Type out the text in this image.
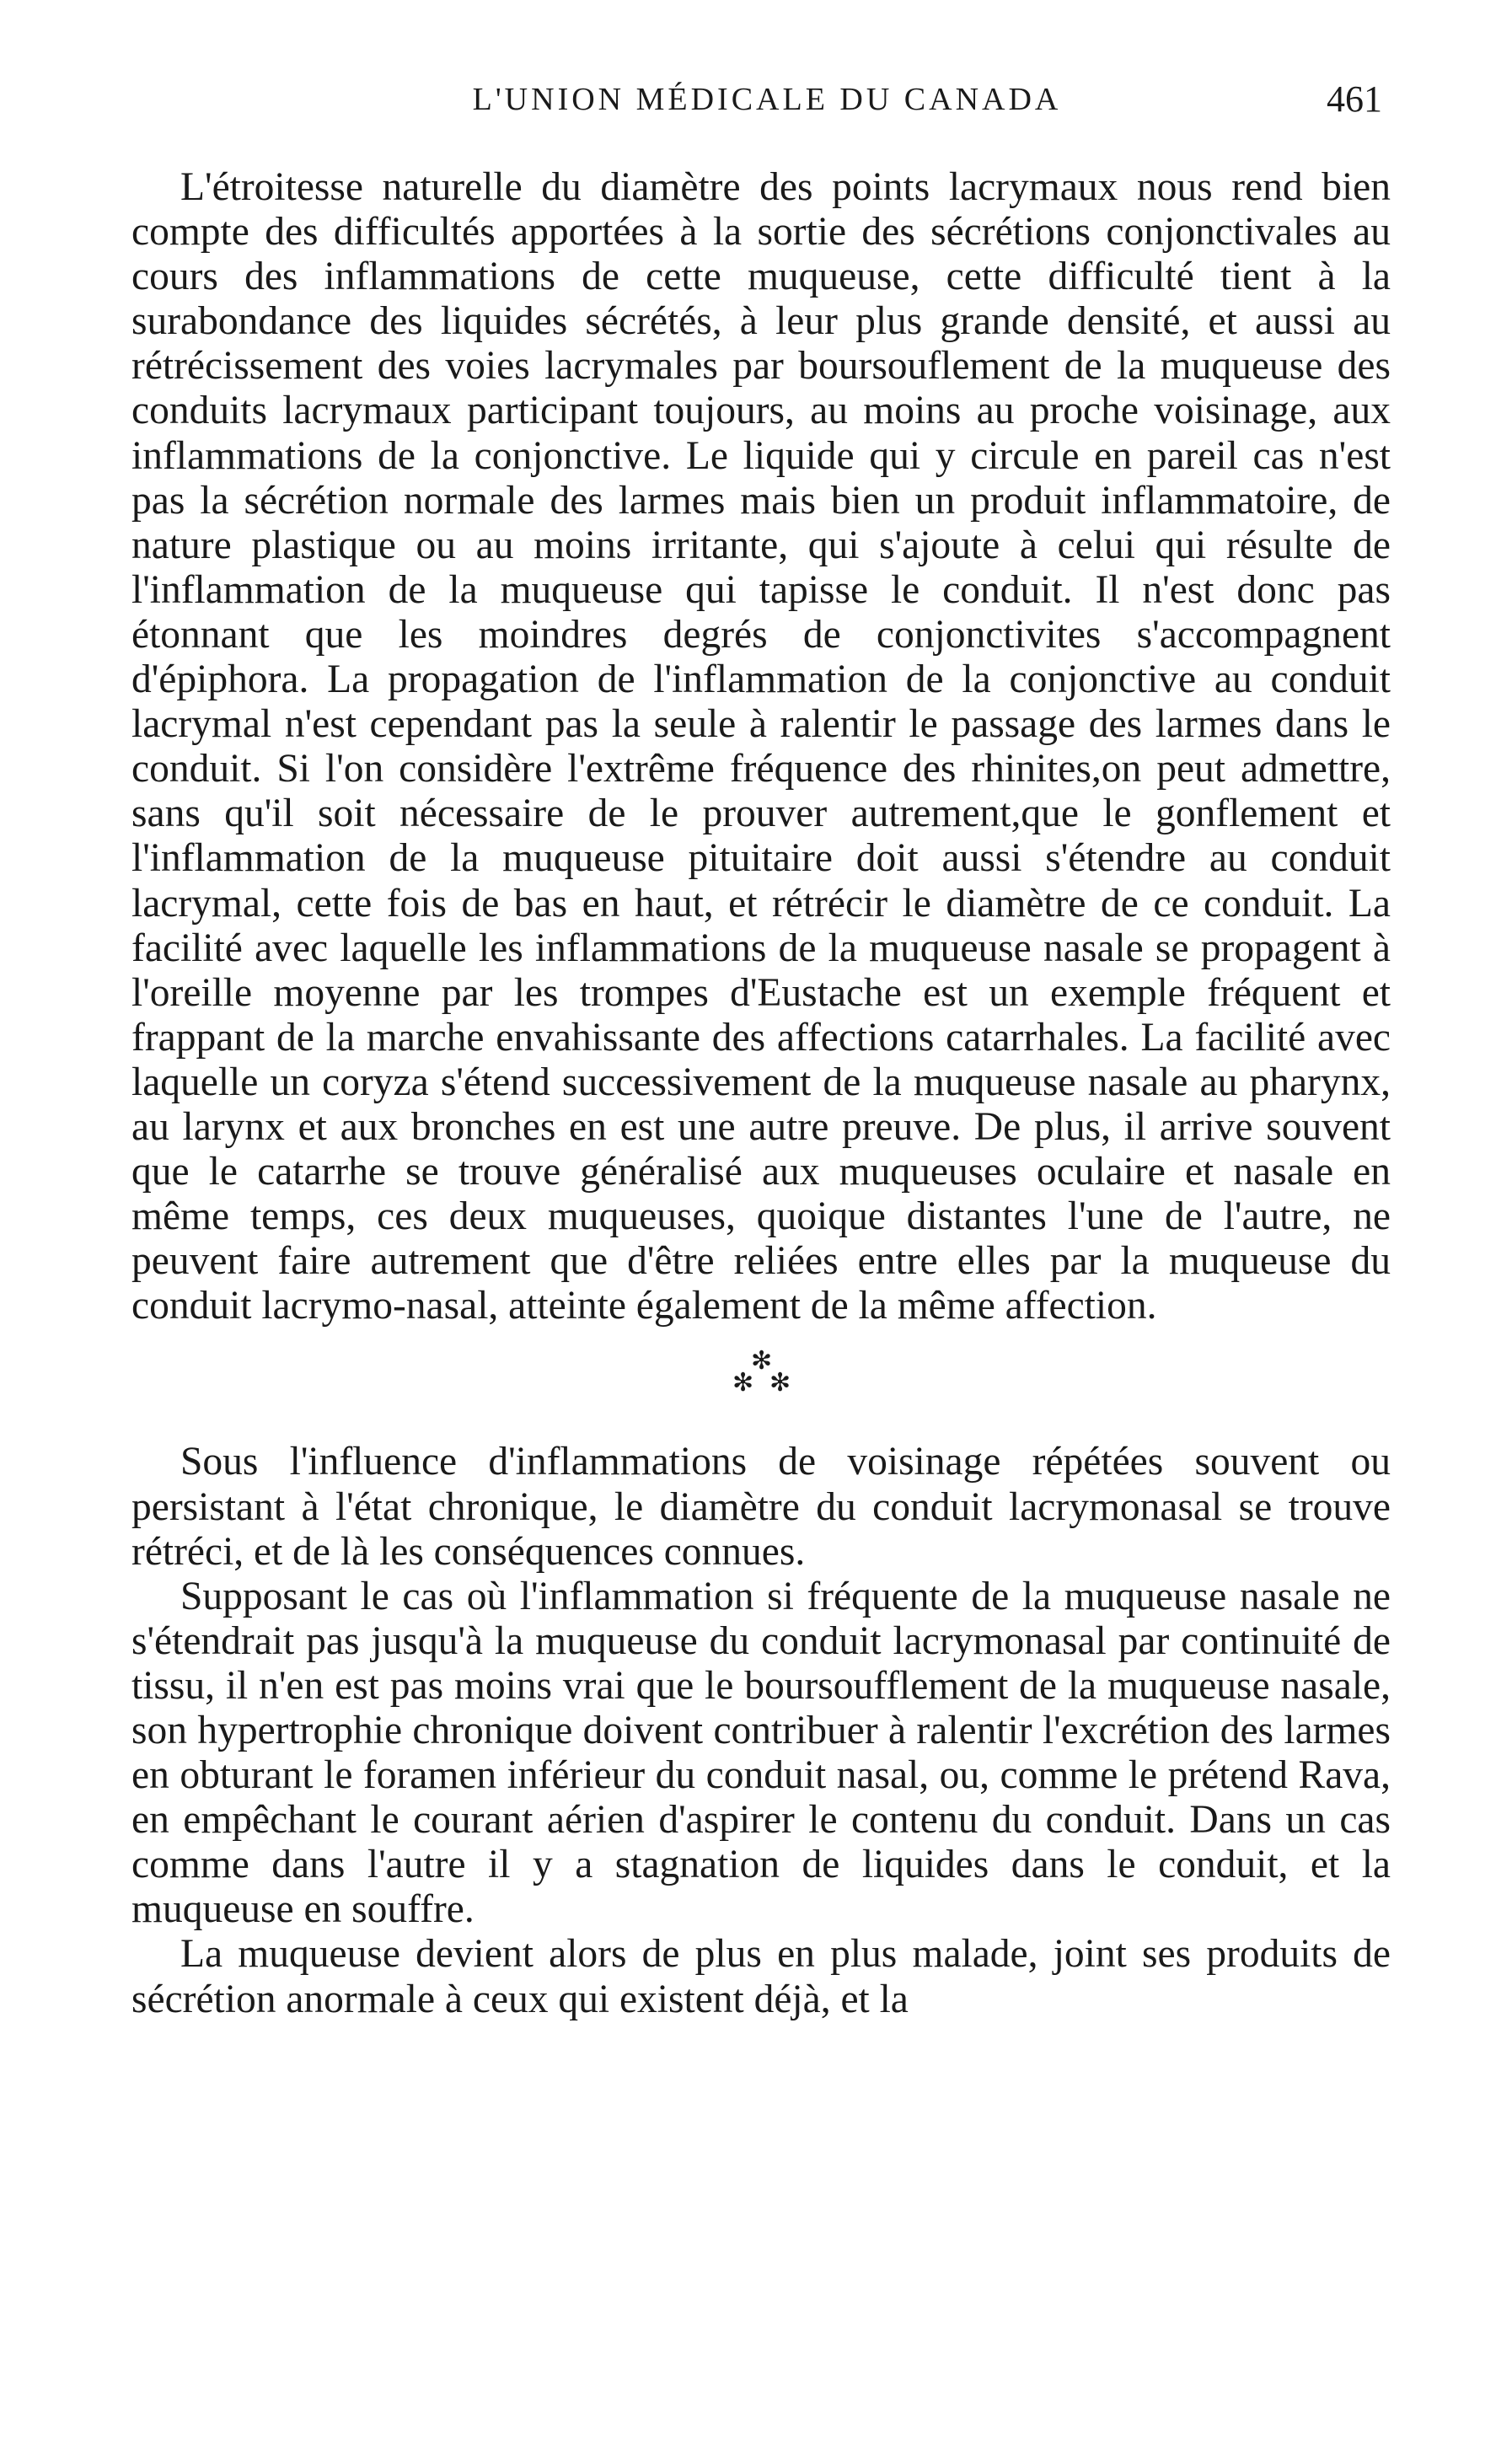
L'UNION MÉDICALE DU CANADA	461

L'étroitesse naturelle du diamètre des points lacrymaux nous rend bien compte des difficultés apportées à la sortie des sécrétions conjonctivales au cours des inflammations de cette muqueuse, cette difficulté tient à la surabondance des liquides sécrétés, à leur plus grande densité, et aussi au rétrécissement des voies lacrymales par boursouflement de la muqueuse des conduits lacrymaux participant toujours, au moins au proche voisinage, aux inflammations de la conjonctive. Le liquide qui y circule en pareil cas n'est pas la sécrétion normale des larmes mais bien un produit inflammatoire, de nature plastique ou au moins irritante, qui s'ajoute à celui qui résulte de l'inflammation de la muqueuse qui tapisse le conduit. Il n'est donc pas étonnant que les moindres degrés de conjonctivites s'accompagnent d'épiphora. La propagation de l'inflammation de la conjonctive au conduit lacrymal n'est cependant pas la seule à ralentir le passage des larmes dans le conduit. Si l'on considère l'extrême fréquence des rhinites,on peut admettre, sans qu'il soit nécessaire de le prouver autrement,que le gonflement et l'inflammation de la muqueuse pituitaire doit aussi s'étendre au conduit lacrymal, cette fois de bas en haut, et rétrécir le diamètre de ce conduit. La facilité avec laquelle les inflammations de la muqueuse nasale se propagent à l'oreille moyenne par les trompes d'Eustache est un exemple fréquent et frappant de la marche envahissante des affections catarrhales. La facilité avec laquelle un coryza s'étend successivement de la muqueuse nasale au pharynx, au larynx et aux bronches en est une autre preuve. De plus, il arrive souvent que le catarrhe se trouve généralisé aux muqueuses oculaire et nasale en même temps, ces deux muqueuses, quoique distantes l'une de l'autre, ne peuvent faire autrement que d'être reliées entre elles par la muqueuse du conduit lacrymo-nasal, atteinte également de la même affection.

✻
✻ ✻

Sous l'influence d'inflammations de voisinage répétées souvent ou persistant à l'état chronique, le diamètre du conduit lacrymonasal se trouve rétréci, et de là les conséquences connues.

Supposant le cas où l'inflammation si fréquente de la muqueuse nasale ne s'étendrait pas jusqu'à la muqueuse du conduit lacrymonasal par continuité de tissu, il n'en est pas moins vrai que le boursoufflement de la muqueuse nasale, son hypertrophie chronique doivent contribuer à ralentir l'excrétion des larmes en obturant le foramen inférieur du conduit nasal, ou, comme le prétend Rava, en empêchant le courant aérien d'aspirer le contenu du conduit. Dans un cas comme dans l'autre il y a stagnation de liquides dans le conduit, et la muqueuse en souffre.

La muqueuse devient alors de plus en plus malade, joint ses produits de sécrétion anormale à ceux qui existent déjà, et la
